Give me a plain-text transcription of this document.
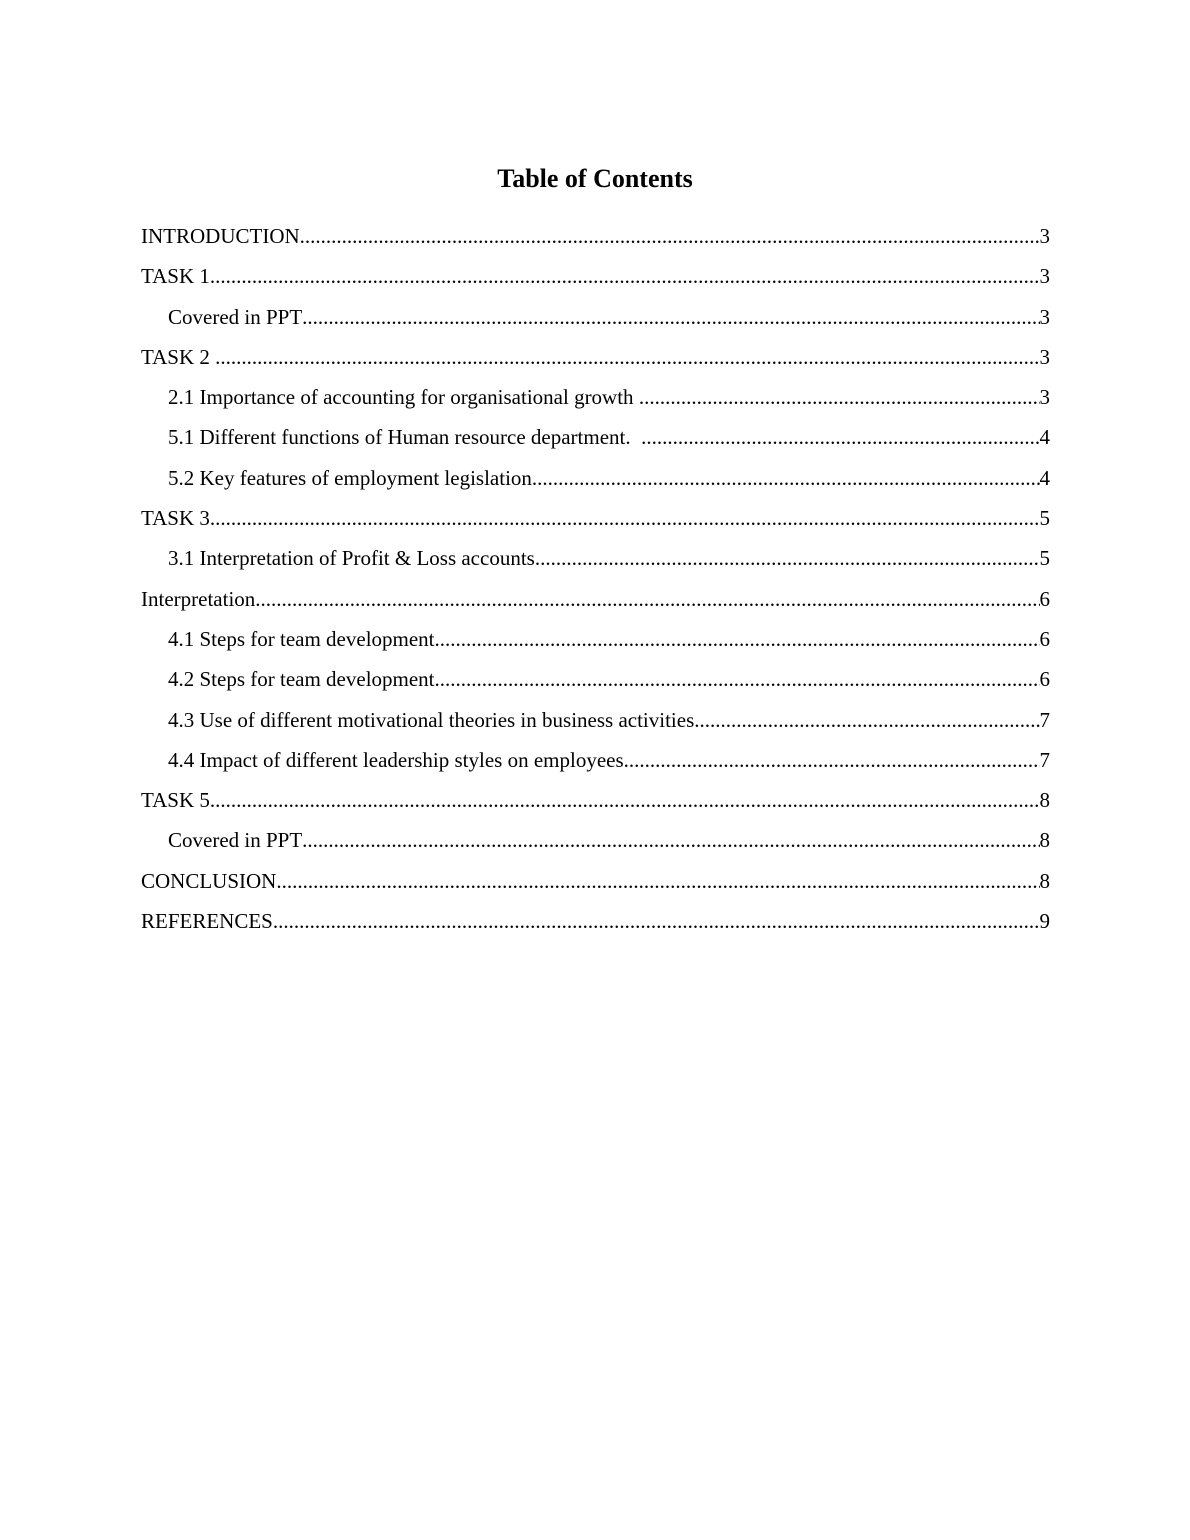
Table of Contents
INTRODUCTION .....	3
TASK 1 .....	3
Covered in PPT .....	3
TASK 2 .....	3
2.1 Importance of accounting for organisational growth .....	3
5.1 Different functions of Human resource department. .....	4
5.2 Key features of employment legislation .....	4
TASK 3 .....	5
3.1 Interpretation of Profit & Loss accounts .....	5
Interpretation .....	6
4.1 Steps for team development .....	6
4.2 Steps for team development .....	6
4.3 Use of different motivational theories in business activities .....	7
4.4 Impact of different leadership styles on employees .....	7
TASK 5 .....	8
Covered in PPT .....	8
CONCLUSION .....	8
REFERENCES .....	9
